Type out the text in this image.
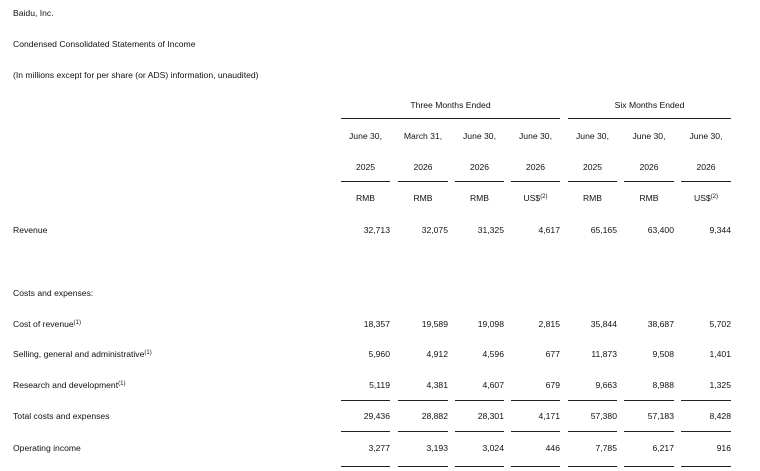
Baidu, Inc.
Condensed Consolidated Statements of Income
(In millions except for per share (or ADS) information, unaudited)
Three Months Ended	Six Months Ended
June 30,	March 31,	June 30,	June 30,	June 30,	June 30,	June 30,
2025	2026	2026	2026	2025	2026	2026
RMB	RMB	RMB	US\$$^{(2)}$	RMB	RMB	US\$$^{(2)}$
Revenue	32,713	32,075	31,325	4,617	65,165	63,400	9,344
Costs and expenses:
Cost of revenue$^{(1)}$	18,357	19,589	19,098	2,815	35,844	38,687	5,702
Selling, general and administrative$^{(1)}$	5,960	4,912	4,596	677	11,873	9,508	1,401
Research and development$^{(1)}$	5,119	4,381	4,607	679	9,663	8,988	1,325
Total costs and expenses	29,436	28,882	28,301	4,171	57,380	57,183	8,428
Operating income	3,277	3,193	3,024	446	7,785	6,217	916
